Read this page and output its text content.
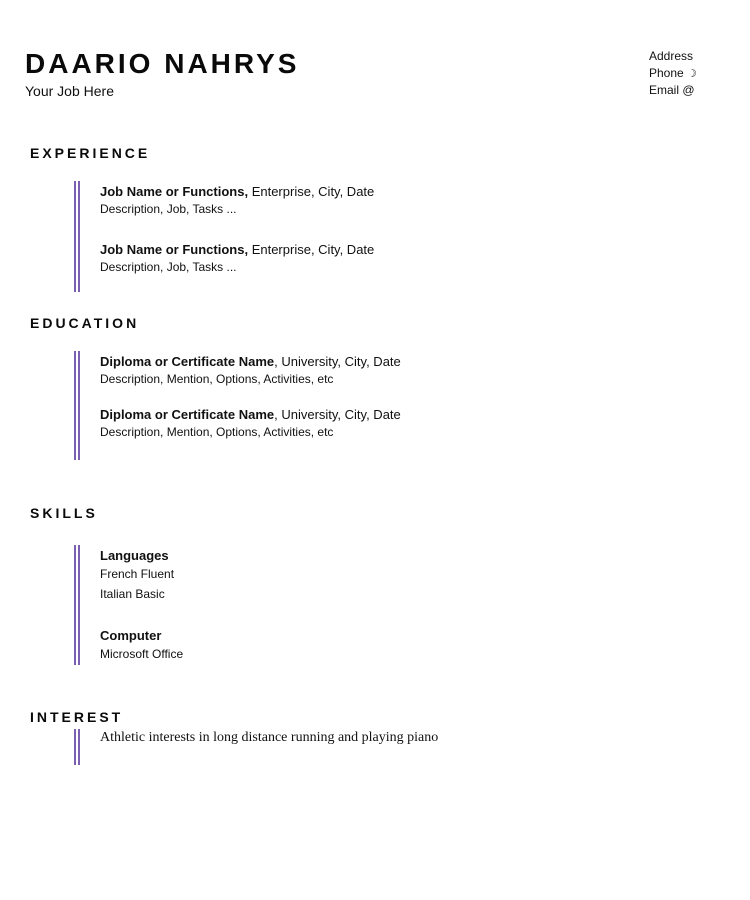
DAARIO NAHRYS
Your Job Here
Address
Phone ☽
Email @
EXPERIENCE
Job Name or Functions, Enterprise, City, Date
Description, Job, Tasks ...
Job Name or Functions, Enterprise, City, Date
Description, Job, Tasks ...
EDUCATION
Diploma or Certificate Name, University, City, Date
Description, Mention, Options, Activities, etc
Diploma or Certificate Name, University, City, Date
Description, Mention, Options, Activities, etc
SKILLS
Languages
French Fluent
Italian Basic
Computer
Microsoft Office
INTEREST
Athletic interests in long distance running and playing piano
